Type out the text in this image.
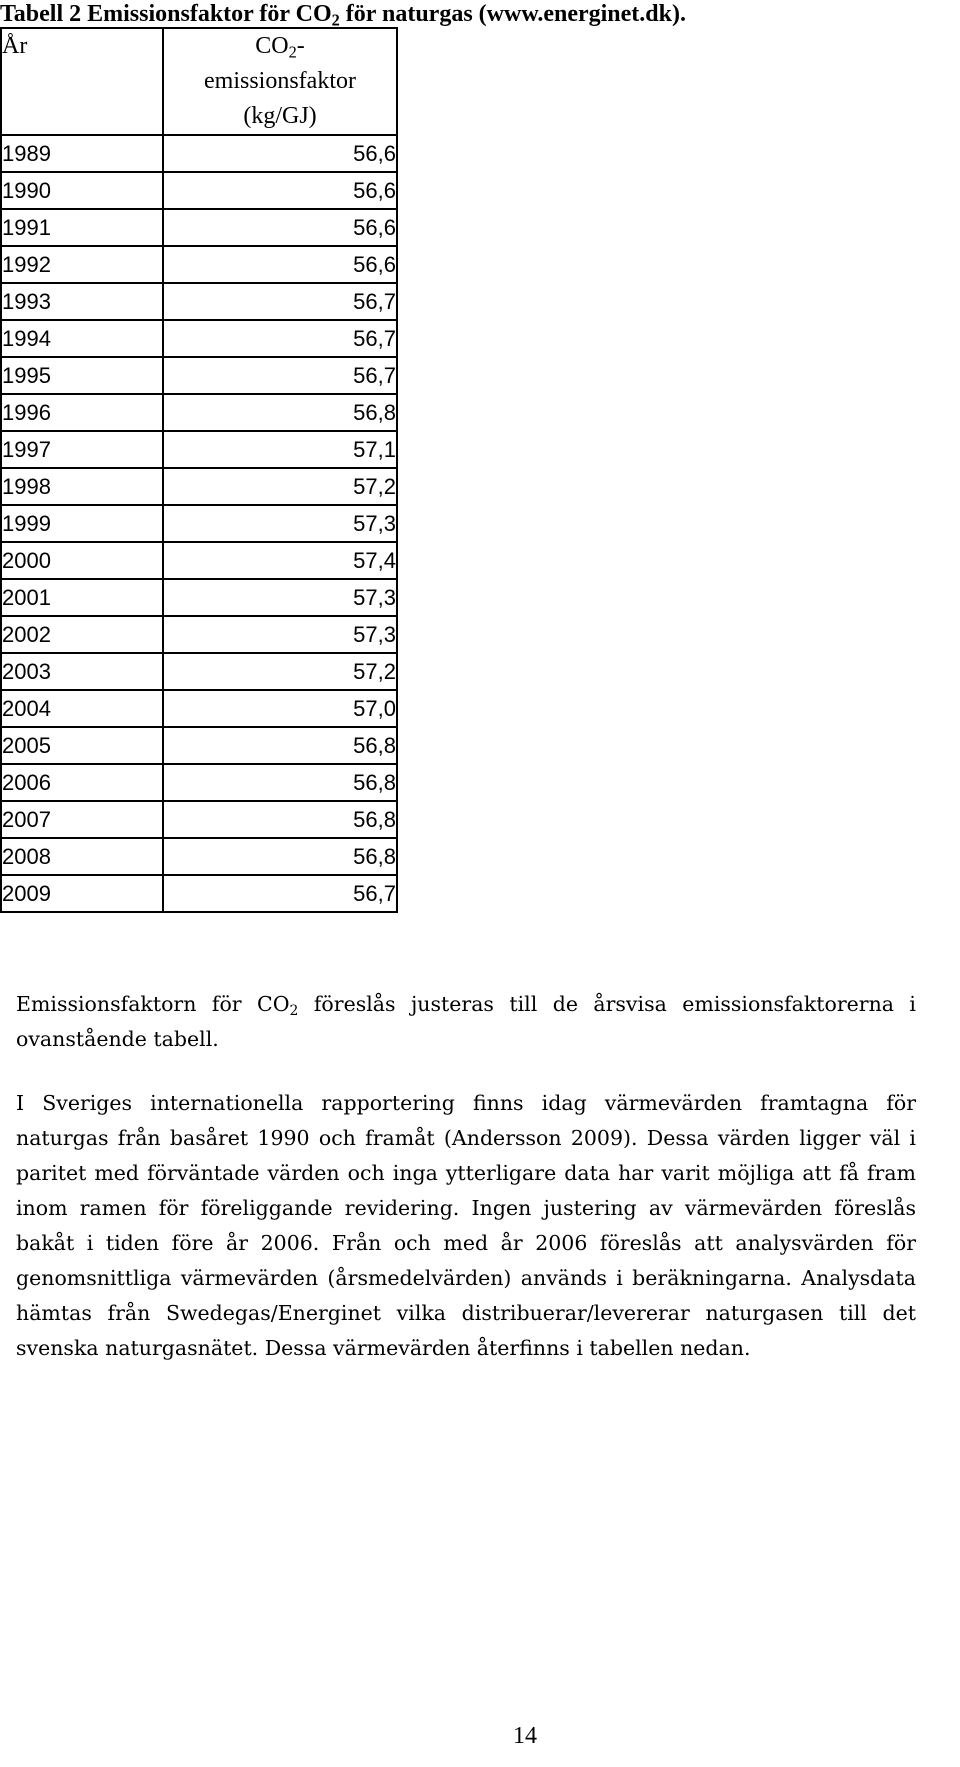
Tabell 2 Emissionsfaktor för $CO_2$ för naturgas (www.energinet.dk).

År	$CO_2-$
emissionsfaktor
(kg/GJ)

1989	56,6
1990	56,6
1991	56,6
1992	56,6
1993	56,7
1994	56,7
1995	56,7
1996	56,8
1997	57,1
1998	57,2
1999	57,3
2000	57,4
2001	57,3
2002	57,3
2003	57,2
2004	57,0
2005	56,8
2006	56,8
2007	56,8
2008	56,8
2009	56,7

Emissionsfaktorn för $CO_2$ föreslås justeras till de årsvisa emissionsfaktorerna i ovanstående tabell.

I Sveriges internationella rapportering finns idag värmevärden framtagna för naturgas från basåret 1990 och framåt (Andersson 2009). Dessa värden ligger väl i paritet med förväntade värden och inga ytterligare data har varit möjliga att få fram inom ramen för föreliggande revidering. Ingen justering av värmevärden föreslås bakåt i tiden före år 2006. Från och med år 2006 föreslås att analysvärden för genomsnittliga värmevärden (årsmedelvärden) används i beräkningarna. Analysdata hämtas från Swedegas/Energinet vilka distribuerar/levererar naturgasen till det svenska naturgasnätet. Dessa värmevärden återfinns i tabellen nedan.

14
